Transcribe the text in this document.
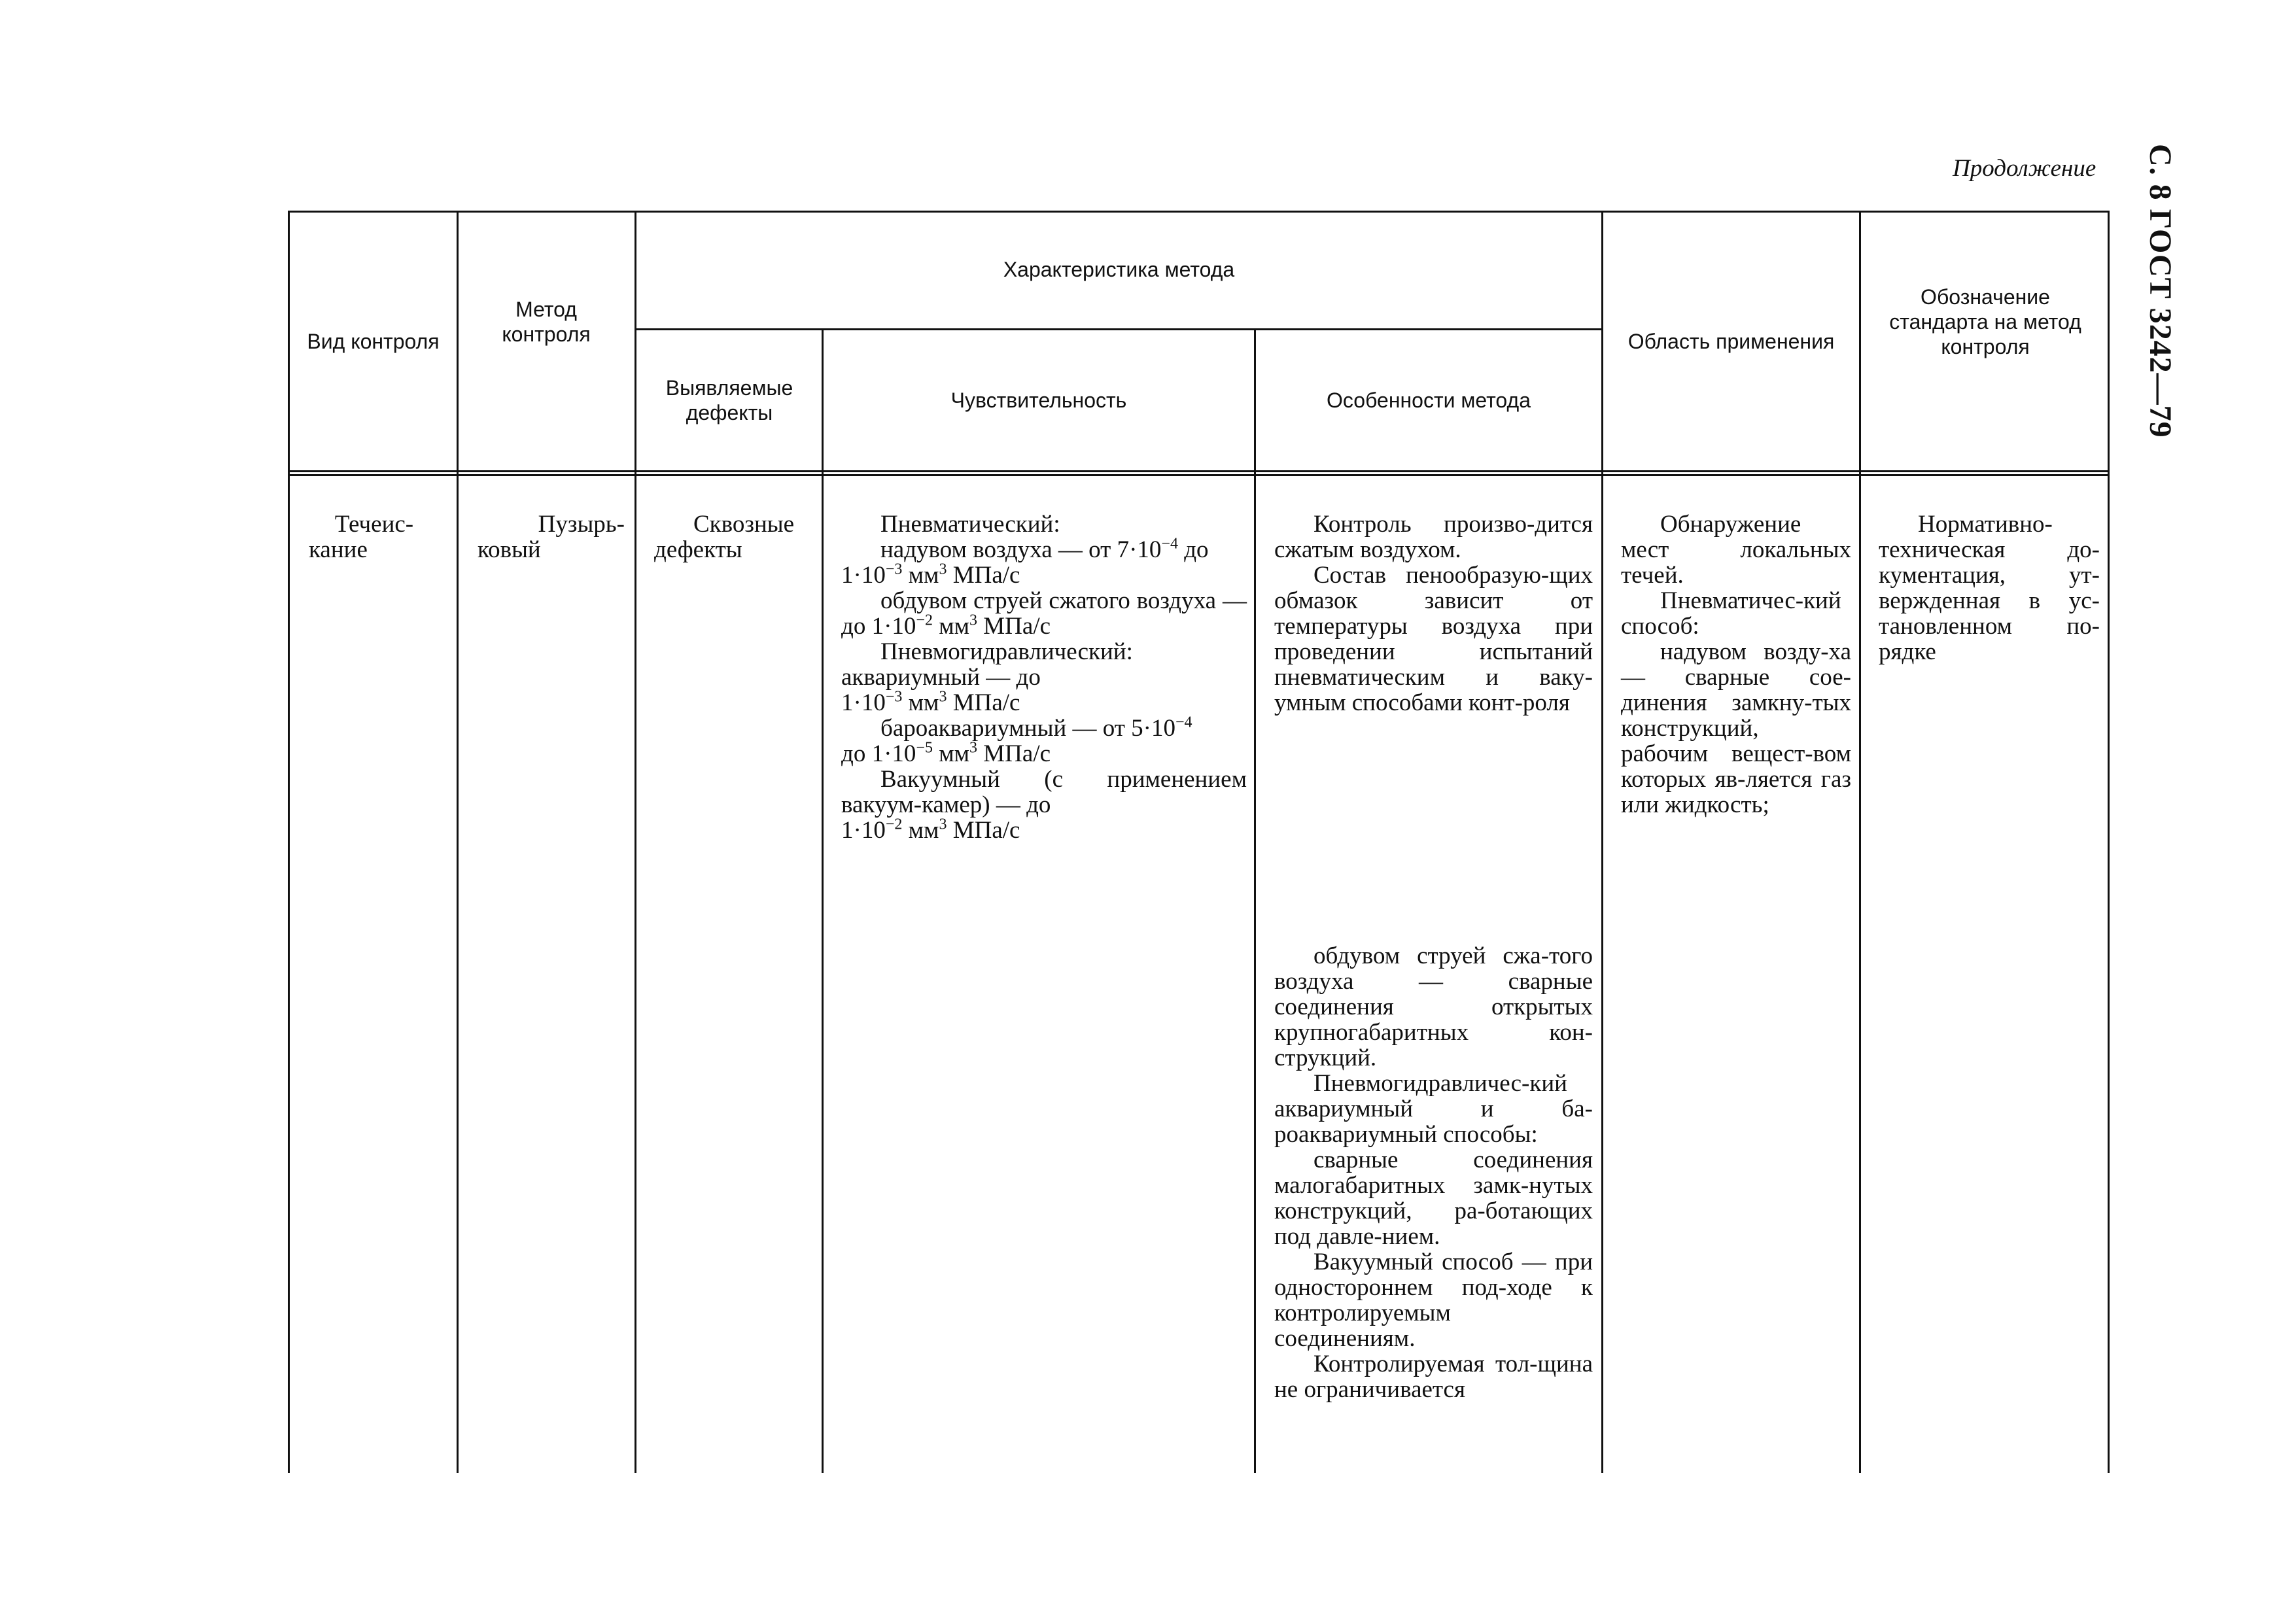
Продолжение С. 8 ГОСТ 3242—79
Вид контроля
Метод контроля
Характеристика метода
Выявляемые дефекты
Чувствительность	Особенности метода
Область применения
Обозначение стандарта на метод контроля

Течеис-

кание

Пузырь-

ковый

Сквозные дефекты

Пневматический:

надувом воздуха — от $7\cdot 10^{-4}$ до
$1\cdot 10^{-3}$ $мм^3$ МПа/с

обдувом струей сжатого воздуха — до $1\cdot 10^{-2}$ $мм^3$ МПа/с

Пневмогидравлический:

аквариумный — до
$1\cdot 10^{-3}$ $мм^3$ МПа/с

бароаквариумный — от $5\cdot 10^{-4}$
до $1\cdot 10^{-5}$ $мм^3$ МПа/с

Вакуумный (с применением вакуум-камер) — до
$1\cdot 10^{-2}$ $мм^3$ МПа/с

Контроль произво-дится сжатым воздухом.

Состав пенообразую-щих обмазок зависит от температуры воздуха при проведении испытаний пневматическим и ваку-умным способами конт-роля

обдувом струей сжа-того воздуха — сварные соединения открытых крупногабаритных кон-струкций.

Пневмогидравличес-кий аквариумный и ба-роаквариумный способы:

сварные соединения малогабаритных замк-нутых конструкций, ра-ботающих под давле-нием.

Вакуумный способ — при одностороннем под-ходе к контролируемым соединениям.

Контролируемая тол-щина не ограничивается

Обнаружение мест локальных течей.

Пневматичес-кий способ:

надувом возду-ха — сварные сое-динения замкну-тых конструкций, рабочим вещест-вом которых яв-ляется газ или жидкость;

Нормативно-техническая до-кументация, ут-вержденная в ус-тановленном по-рядке
